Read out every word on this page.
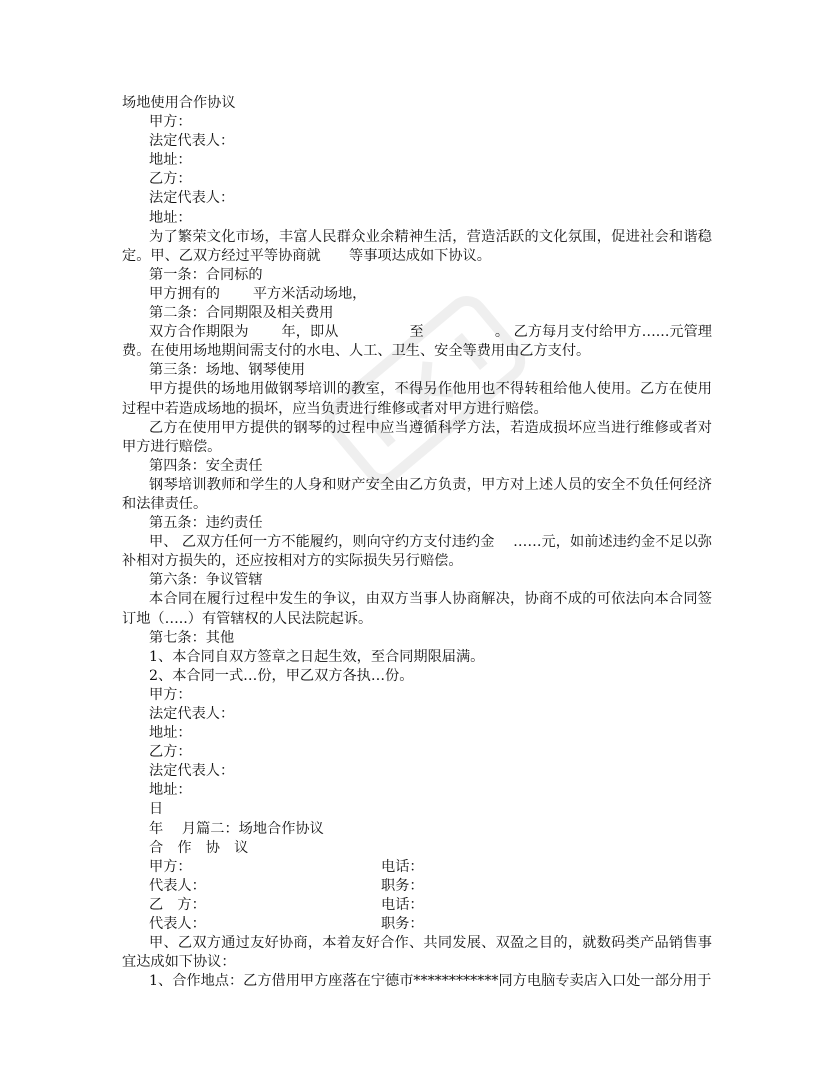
场地使用合作协议
甲方：
法定代表人：
地址：
乙方：
法定代表人：
地址：
为了繁荣文化市场，丰富人民群众业余精神生活，营造活跃的文化氛围，促进社会和谐稳定。甲、乙双方经过平等协商就　　等事项达成如下协议。
第一条：合同标的
甲方拥有的　　 平方米活动场地，
第二条：合同期限及相关费用
双方合作期限为　　 年，即从　　　　　至　　　　　。 乙方每月支付给甲方…...元管理费。在使用场地期间需支付的水电、人工、卫生、安全等费用由乙方支付。
第三条：场地、钢琴使用
甲方提供的场地用做钢琴培训的教室，不得另作他用也不得转租给他人使用。乙方在使用过程中若造成场地的损坏，应当负责进行维修或者对甲方进行赔偿。
乙方在使用甲方提供的钢琴的过程中应当遵循科学方法，若造成损坏应当进行维修或者对甲方进行赔偿。
第四条：安全责任
钢琴培训教师和学生的人身和财产安全由乙方负责，甲方对上述人员的安全不负任何经济和法律责任。
第五条：违约责任
甲、 乙双方任何一方不能履约，则向守约方支付违约金　 ……元，如前述违约金不足以弥补相对方损失的，还应按相对方的实际损失另行赔偿。
第六条：争议管辖
本合同在履行过程中发生的争议，由双方当事人协商解决，协商不成的可依法向本合同签订地（…..）有管辖权的人民法院起诉。
第七条：其他
1、本合同自双方签章之日起生效，至合同期限届满。
2、本合同一式…份，甲乙双方各执…份。
甲方：
法定代表人：
地址：
乙方：
法定代表人：
地址：
日
年　 月篇二：场地合作协议
合　作　协　议
甲方：	电话：
代表人：	职务：
乙　方：	电话：
代表人：	职务：
甲、乙双方通过友好协商，本着友好合作、共同发展、双盈之目的，就数码类产品销售事宜达成如下协议：
1、合作地点：乙方借用甲方座落在宁德市************同方电脑专卖店入口处一部分用于
